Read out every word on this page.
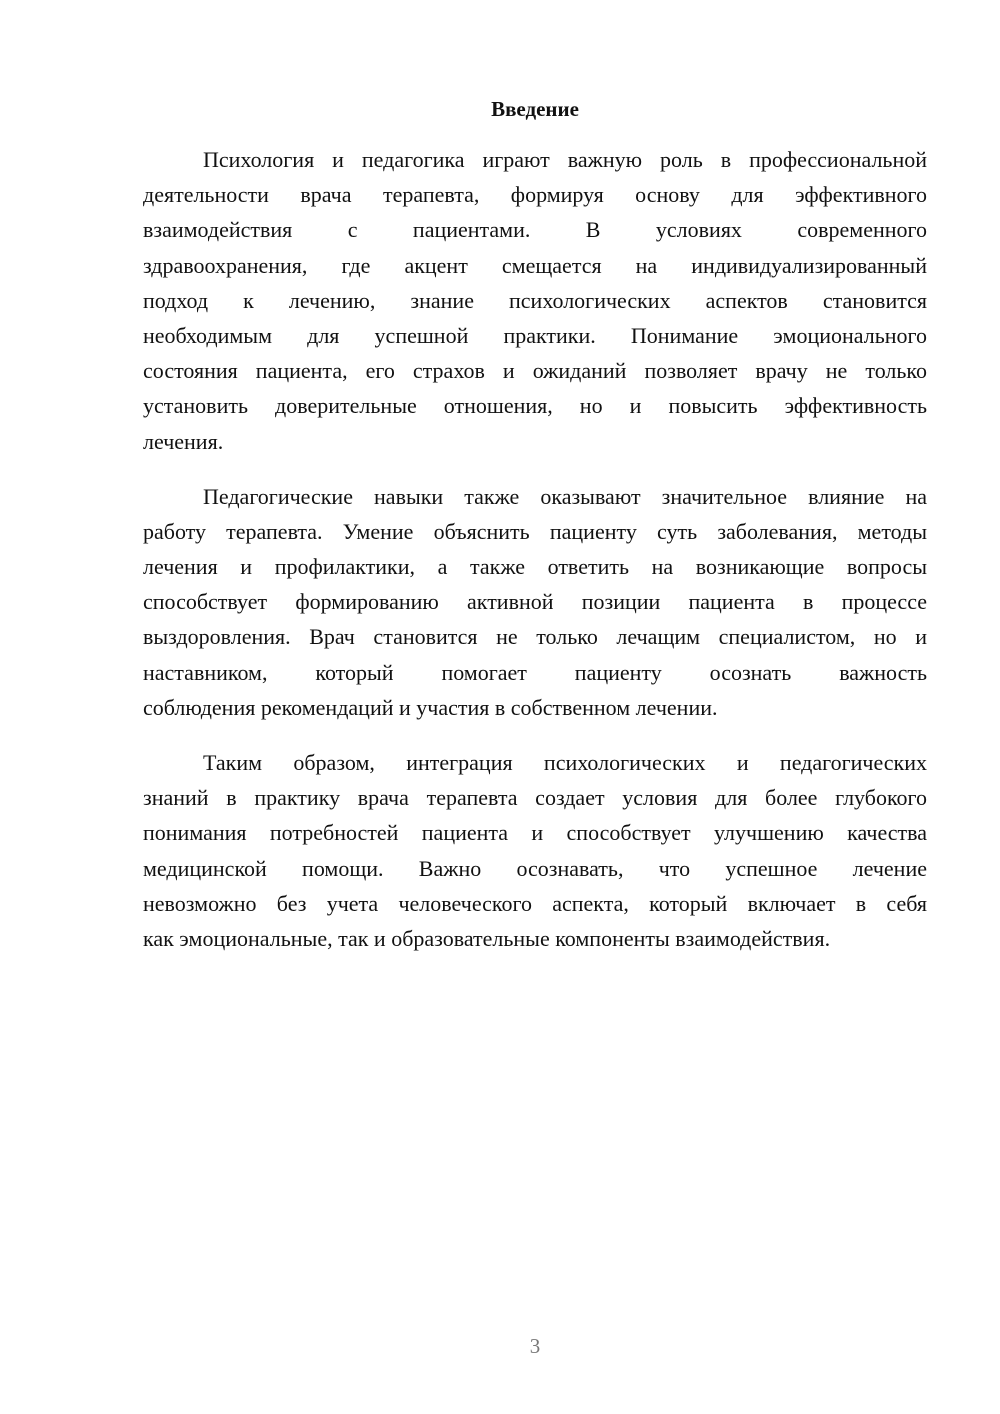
Введение
Психология и педагогика играют важную роль в профессиональной
деятельности врача терапевта, формируя основу для эффективного
взаимодействия с пациентами. В условиях современного
здравоохранения, где акцент смещается на индивидуализированный
подход к лечению, знание психологических аспектов становится
необходимым для успешной практики. Понимание эмоционального
состояния пациента, его страхов и ожиданий позволяет врачу не только
установить доверительные отношения, но и повысить эффективность
лечения.
Педагогические навыки также оказывают значительное влияние на
работу терапевта. Умение объяснить пациенту суть заболевания, методы
лечения и профилактики, а также ответить на возникающие вопросы
способствует формированию активной позиции пациента в процессе
выздоровления. Врач становится не только лечащим специалистом, но и
наставником, который помогает пациенту осознать важность
соблюдения рекомендаций и участия в собственном лечении.
Таким образом, интеграция психологических и педагогических
знаний в практику врача терапевта создает условия для более глубокого
понимания потребностей пациента и способствует улучшению качества
медицинской помощи. Важно осознавать, что успешное лечение
невозможно без учета человеческого аспекта, который включает в себя
как эмоциональные, так и образовательные компоненты взаимодействия.
3
